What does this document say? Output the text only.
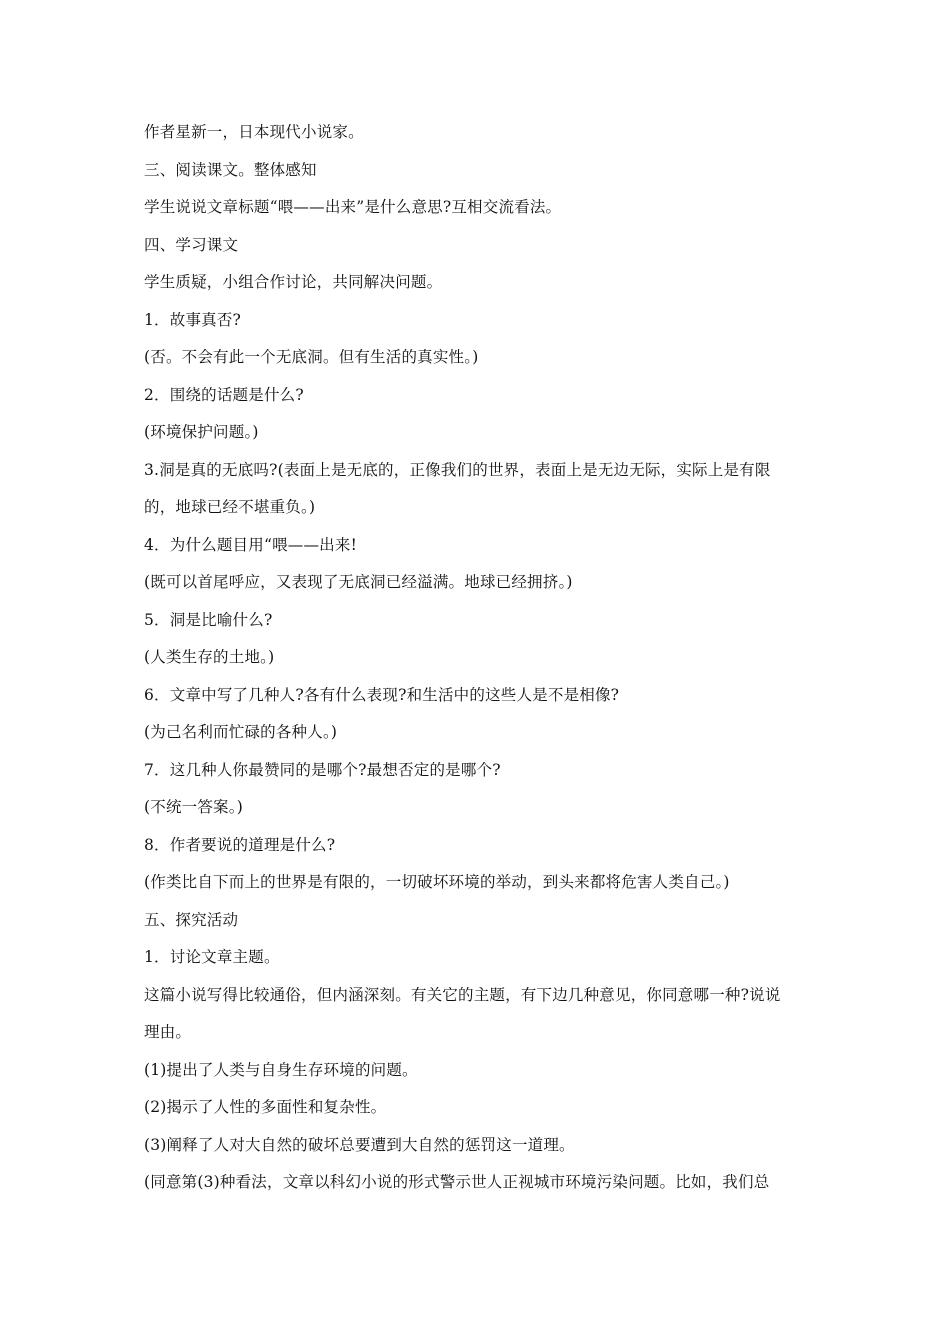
作者星新一，日本现代小说家。
三、阅读课文。整体感知
学生说说文章标题“喂——出来”是什么意思?互相交流看法。
四、学习课文
学生质疑，小组合作讨论，共同解决问题。
1．故事真否?
(否。不会有此一个无底洞。但有生活的真实性。)
2．围绕的话题是什么?
(环境保护问题。)
3.洞是真的无底吗?(表面上是无底的，正像我们的世界，表面上是无边无际，实际上是有限
的，地球已经不堪重负。)
4．为什么题目用“喂——出来!
(既可以首尾呼应，又表现了无底洞已经溢满。地球已经拥挤。)
5．洞是比喻什么?
(人类生存的土地。)
6．文章中写了几种人?各有什么表现?和生活中的这些人是不是相像?
(为己名利而忙碌的各种人。)
7．这几种人你最赞同的是哪个?最想否定的是哪个?
(不统一答案。)
8．作者要说的道理是什么?
(作类比自下而上的世界是有限的，一切破坏环境的举动，到头来都将危害人类自己。)
五、探究活动
1．讨论文章主题。
这篇小说写得比较通俗，但内涵深刻。有关它的主题，有下边几种意见，你同意哪一种?说说
理由。
(1)提出了人类与自身生存环境的问题。
(2)揭示了人性的多面性和复杂性。
(3)阐释了人对大自然的破坏总要遭到大自然的惩罚这一道理。
(同意第(3)种看法，文章以科幻小说的形式警示世人正视城市环境污染问题。比如，我们总
